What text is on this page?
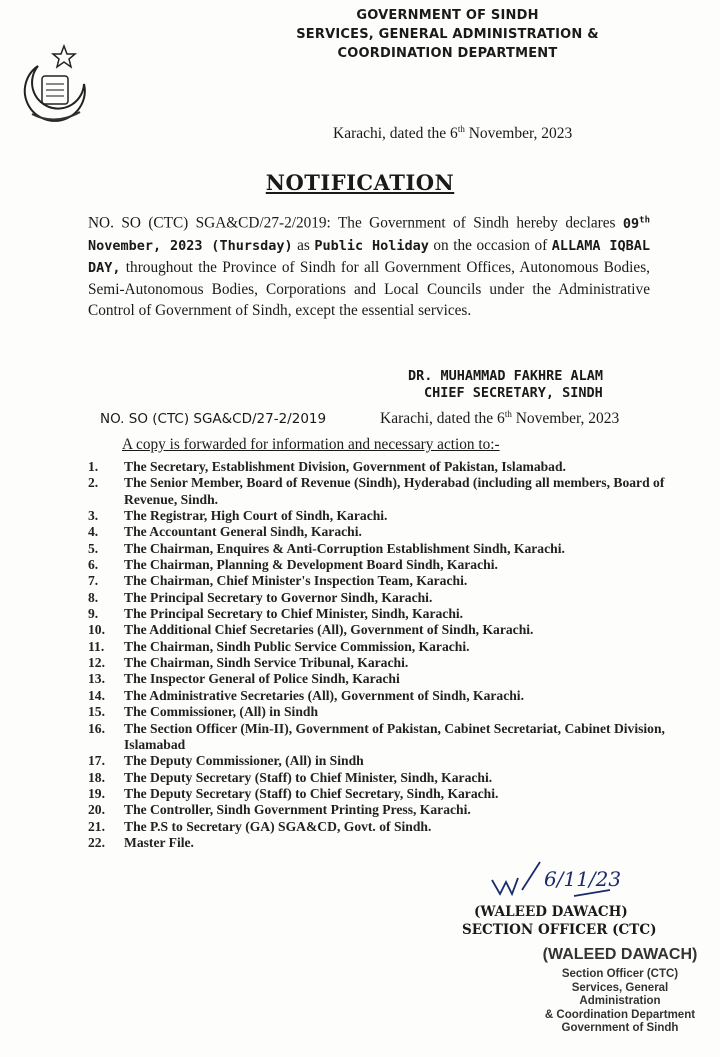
GOVERNMENT OF SINDH
SERVICES, GENERAL ADMINISTRATION &
COORDINATION DEPARTMENT
Karachi, dated the 6th November, 2023
NOTIFICATION
NO. SO (CTC) SGA&CD/27-2/2019: The Government of Sindh hereby declares 09th November, 2023 (Thursday) as Public Holiday on the occasion of ALLAMA IQBAL DAY, throughout the Province of Sindh for all Government Offices, Autonomous Bodies, Semi-Autonomous Bodies, Corporations and Local Councils under the Administrative Control of Government of Sindh, except the essential services.
DR. MUHAMMAD FAKHRE ALAM
CHIEF SECRETARY, SINDH
NO. SO (CTC) SGA&CD/27-2/2019	Karachi, dated the 6th November, 2023
A copy is forwarded for information and necessary action to:-
1.	The Secretary, Establishment Division, Government of Pakistan, Islamabad.
2.	The Senior Member, Board of Revenue (Sindh), Hyderabad (including all members, Board of Revenue, Sindh.
3.	The Registrar, High Court of Sindh, Karachi.
4.	The Accountant General Sindh, Karachi.
5.	The Chairman, Enquires & Anti-Corruption Establishment Sindh, Karachi.
6.	The Chairman, Planning & Development Board Sindh, Karachi.
7.	The Chairman, Chief Minister's Inspection Team, Karachi.
8.	The Principal Secretary to Governor Sindh, Karachi.
9.	The Principal Secretary to Chief Minister, Sindh, Karachi.
10.	The Additional Chief Secretaries (All), Government of Sindh, Karachi.
11.	The Chairman, Sindh Public Service Commission, Karachi.
12.	The Chairman, Sindh Service Tribunal, Karachi.
13.	The Inspector General of Police Sindh, Karachi
14.	The Administrative Secretaries (All), Government of Sindh, Karachi.
15.	The Commissioner, (All) in Sindh
16.	The Section Officer (Min-II), Government of Pakistan, Cabinet Secretariat, Cabinet Division, Islamabad
17.	The Deputy Commissioner, (All) in Sindh
18.	The Deputy Secretary (Staff) to Chief Minister, Sindh, Karachi.
19.	The Deputy Secretary (Staff) to Chief Secretary, Sindh, Karachi.
20.	The Controller, Sindh Government Printing Press, Karachi.
21.	The P.S to Secretary (GA) SGA&CD, Govt. of Sindh.
22.	Master File.
6/11/23
(WALEED DAWACH)
SECTION OFFICER (CTC)
(WALEED DAWACH)
Section Officer (CTC)
Services, General Administration
& Coordination Department
Government of Sindh
